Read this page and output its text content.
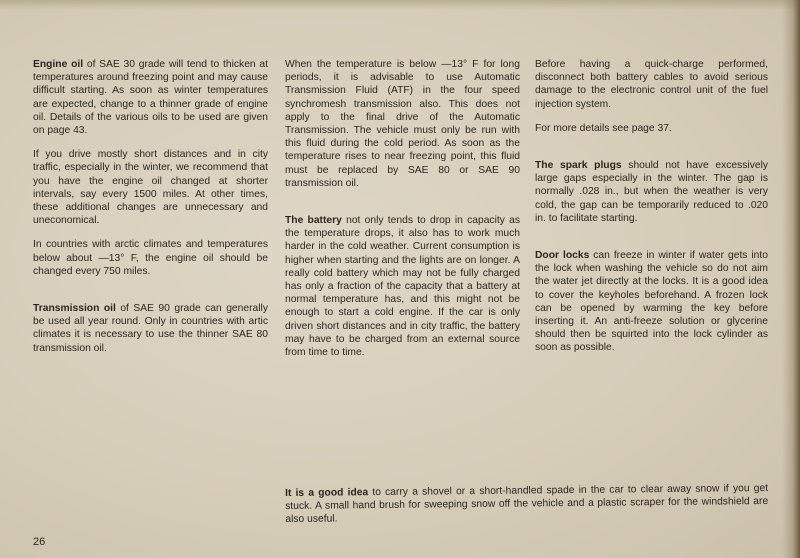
Engine oil of SAE 30 grade will tend to thicken at temperatures around freezing point and may cause difficult starting. As soon as winter temperatures are expected, change to a thinner grade of engine oil. Details of the various oils to be used are given on page 43.

If you drive mostly short distances and in city traffic, especially in the winter, we recommend that you have the engine oil changed at shorter intervals, say every 1500 miles. At other times, these additional changes are unnecessary and uneconomical.

In countries with arctic climates and temperatures below about —13° F, the engine oil should be changed every 750 miles.

Transmission oil of SAE 90 grade can generally be used all year round. Only in countries with artic climates it is necessary to use the thinner SAE 80 transmission oil.

When the temperature is below —13° F for long periods, it is advisable to use Automatic Transmission Fluid (ATF) in the four speed synchromesh transmission also. This does not apply to the final drive of the Automatic Transmission. The vehicle must only be run with this fluid during the cold period. As soon as the temperature rises to near freezing point, this fluid must be replaced by SAE 80 or SAE 90 transmission oil.

The battery not only tends to drop in capacity as the temperature drops, it also has to work much harder in the cold weather. Current consumption is higher when starting and the lights are on longer. A really cold battery which may not be fully charged has only a fraction of the capacity that a battery at normal temperature has, and this might not be enough to start a cold engine. If the car is only driven short distances and in city traffic, the battery may have to be charged from an external source from time to time.

Before having a quick-charge performed, disconnect both battery cables to avoid serious damage to the electronic control unit of the fuel injection system.

For more details see page 37.

The spark plugs should not have excessively large gaps especially in the winter. The gap is normally .028 in., but when the weather is very cold, the gap can be temporarily reduced to .020 in. to facilitate starting.

Door locks can freeze in winter if water gets into the lock when washing the vehicle so do not aim the water jet directly at the locks. It is a good idea to cover the keyholes beforehand. A frozen lock can be opened by warming the key before inserting it. An anti-freeze solution or glycerine should then be squirted into the lock cylinder as soon as possible.

It is a good idea to carry a shovel or a short-handled spade in the car to clear away snow if you get stuck. A small hand brush for sweeping snow off the vehicle and a plastic scraper for the windshield are also useful.
26
